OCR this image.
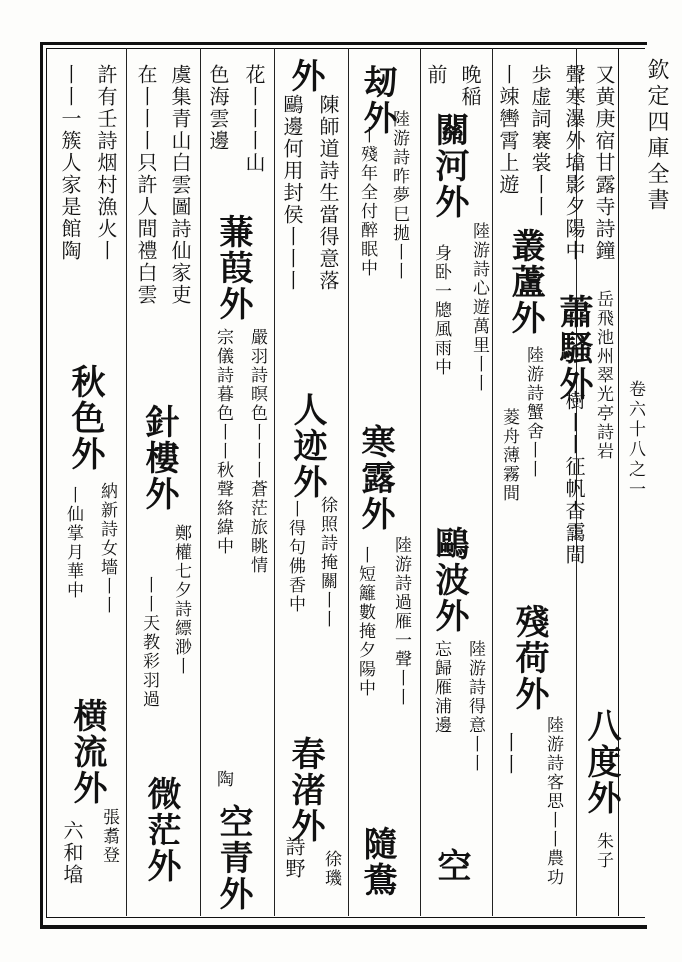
欽定四庫全書
卷六十八之一
又黄庚宿甘露寺詩鐘
聲寒瀑外墖影夕陽中
蕭騷外 岳飛池州翠光亭詩岩
八度外
朱子
歩虚詞褰裳丨丨
叢蘆外
陸游詩蟹舍丨丨 樹丨丨征帆杳靄間
殘荷外
陸游詩客思丨丨農功
丨竦轡霄上遊
菱舟薄霧間
丨丨
晚稲
關河外
陸游詩心遊萬里丨丨
鷗波外
陸游詩得意丨丨
空
前
身卧一牕風雨中
忘歸雁浦邊
刼外
陸游詩昨夢巳拋丨丨
寒露外
陸游詩過雁一聲丨丨
隨鴦
丨殘年全付醉眠中
丨短籬數掩夕陽中
外
陳師道詩生當得意落
人迹外
徐照詩掩關丨丨
春渚外
徐璣
鷗邊何用封侯丨丨丨
丨得句佛香中
詩野
花丨丨丨山
蒹葭外
嚴羽詩暝色丨丨丨蒼茫旅眺情
空青外
色海雲邊
宗儀詩暮色丨丨秋聲絡緯中
陶
虞集青山白雲圖詩仙家吏
針樓外
鄭權七夕詩縹渺丨
微茫外
在丨丨丨只許人間禮白雲
丨丨天教彩羽過
許有壬詩烟村漁火丨
秋色外
納新詩女墻丨丨
横流外
張翥登
丨丨一簇人家是館陶
丨仙掌月華中
六和墖
